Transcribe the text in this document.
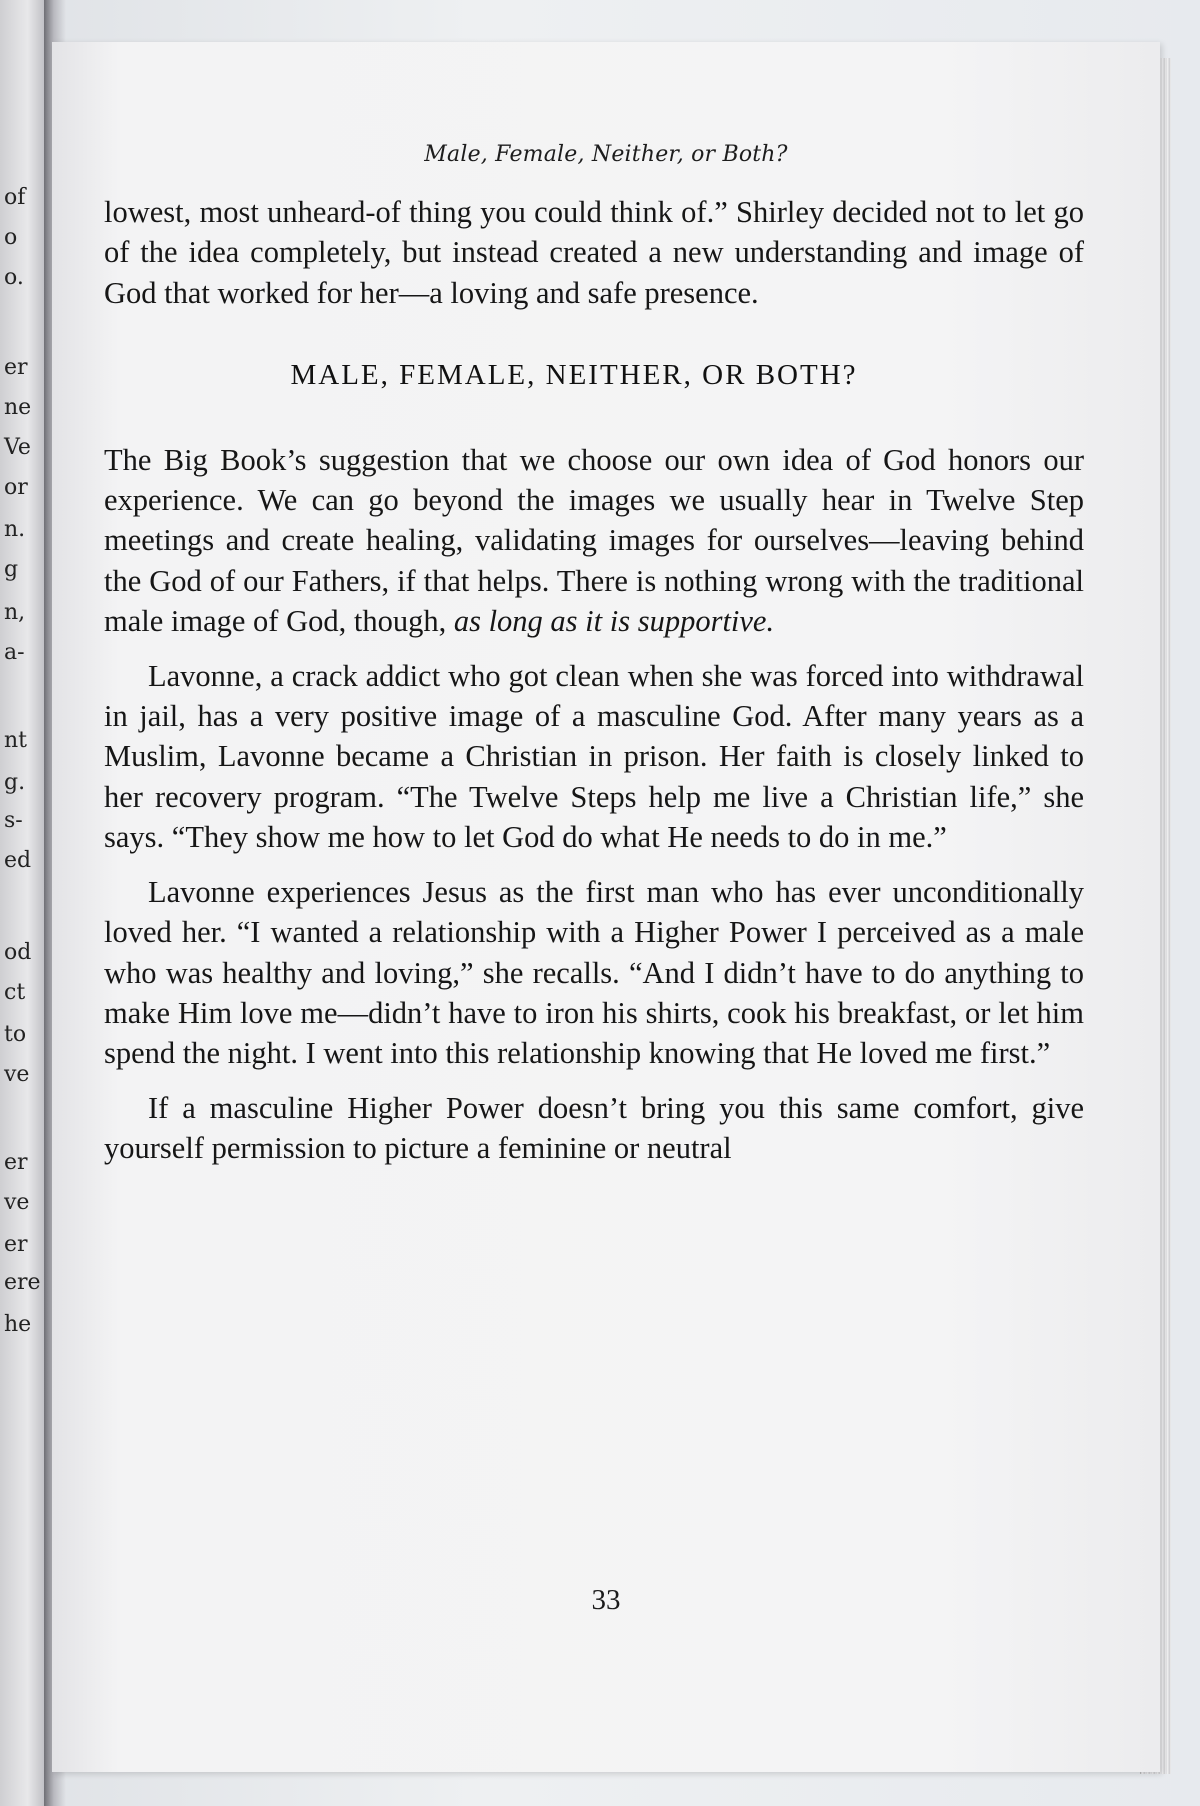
of
o
o.
er
ne
Ve
or
n.
g
n,
a-
nt
g.
s-
ed
od
ct
to
ve
er
ve
er
ere
he
Male, Female, Neither, or Both?

lowest, most unheard-of thing you could think of.” Shirley decided not to let go of the idea completely, but instead created a new understanding and image of God that worked for her—a loving and safe presence.

MALE, FEMALE, NEITHER, OR BOTH?

The Big Book’s suggestion that we choose our own idea of God honors our experience. We can go beyond the images we usually hear in Twelve Step meetings and create healing, validating images for ourselves—leaving behind the God of our Fathers, if that helps. There is nothing wrong with the traditional male image of God, though, as long as it is supportive.

Lavonne, a crack addict who got clean when she was forced into withdrawal in jail, has a very positive image of a masculine God. After many years as a Muslim, Lavonne became a Christian in prison. Her faith is closely linked to her recovery program. “The Twelve Steps help me live a Christian life,” she says. “They show me how to let God do what He needs to do in me.”

Lavonne experiences Jesus as the first man who has ever unconditionally loved her. “I wanted a relationship with a Higher Power I perceived as a male who was healthy and loving,” she recalls. “And I didn’t have to do anything to make Him love me—didn’t have to iron his shirts, cook his breakfast, or let him spend the night. I went into this relationship knowing that He loved me first.”

If a masculine Higher Power doesn’t bring you this same comfort, give yourself permission to picture a feminine or neutral

33
